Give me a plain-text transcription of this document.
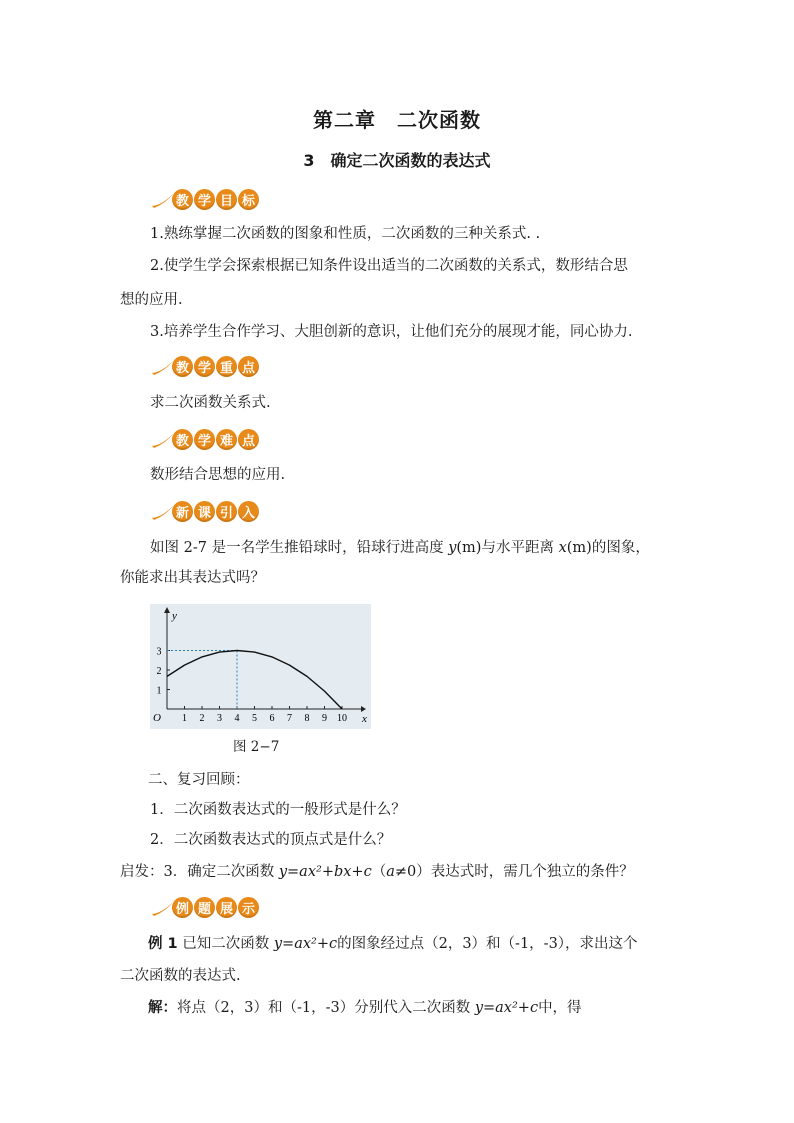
第二章　二次函数
3　确定二次函数的表达式
教 学 目 标
1.熟练掌握二次函数的图象和性质，二次函数的三种关系式. .
2.使学生学会探索根据已知条件设出适当的二次函数的关系式，数形结合思
想的应用.
3.培养学生合作学习、大胆创新的意识，让他们充分的展现才能，同心协力.
教 学 重 点
求二次函数关系式.
教 学 难 点
数形结合思想的应用.
新 课 引 入
如图 2-7 是一名学生推铅球时，铅球行进高度 y(m)与水平距离 x(m)的图象，
你能求出其表达式吗？
x
y
O 1 2 3 4 5 6 7 8 9 10
1
2
3
图 2−7
二、复习回顾：
1．二次函数表达式的一般形式是什么？
2．二次函数表达式的顶点式是什么？
启发：3．确定二次函数 y=ax²+bx+c（a≠0）表达式时，需几个独立的条件？
例 题 展 示
例 1 已知二次函数 y=ax²+c的图象经过点（2，3）和（-1，-3），求出这个
二次函数的表达式.
解：将点（2，3）和（-1，-3）分别代入二次函数 y=ax²+c中，得
